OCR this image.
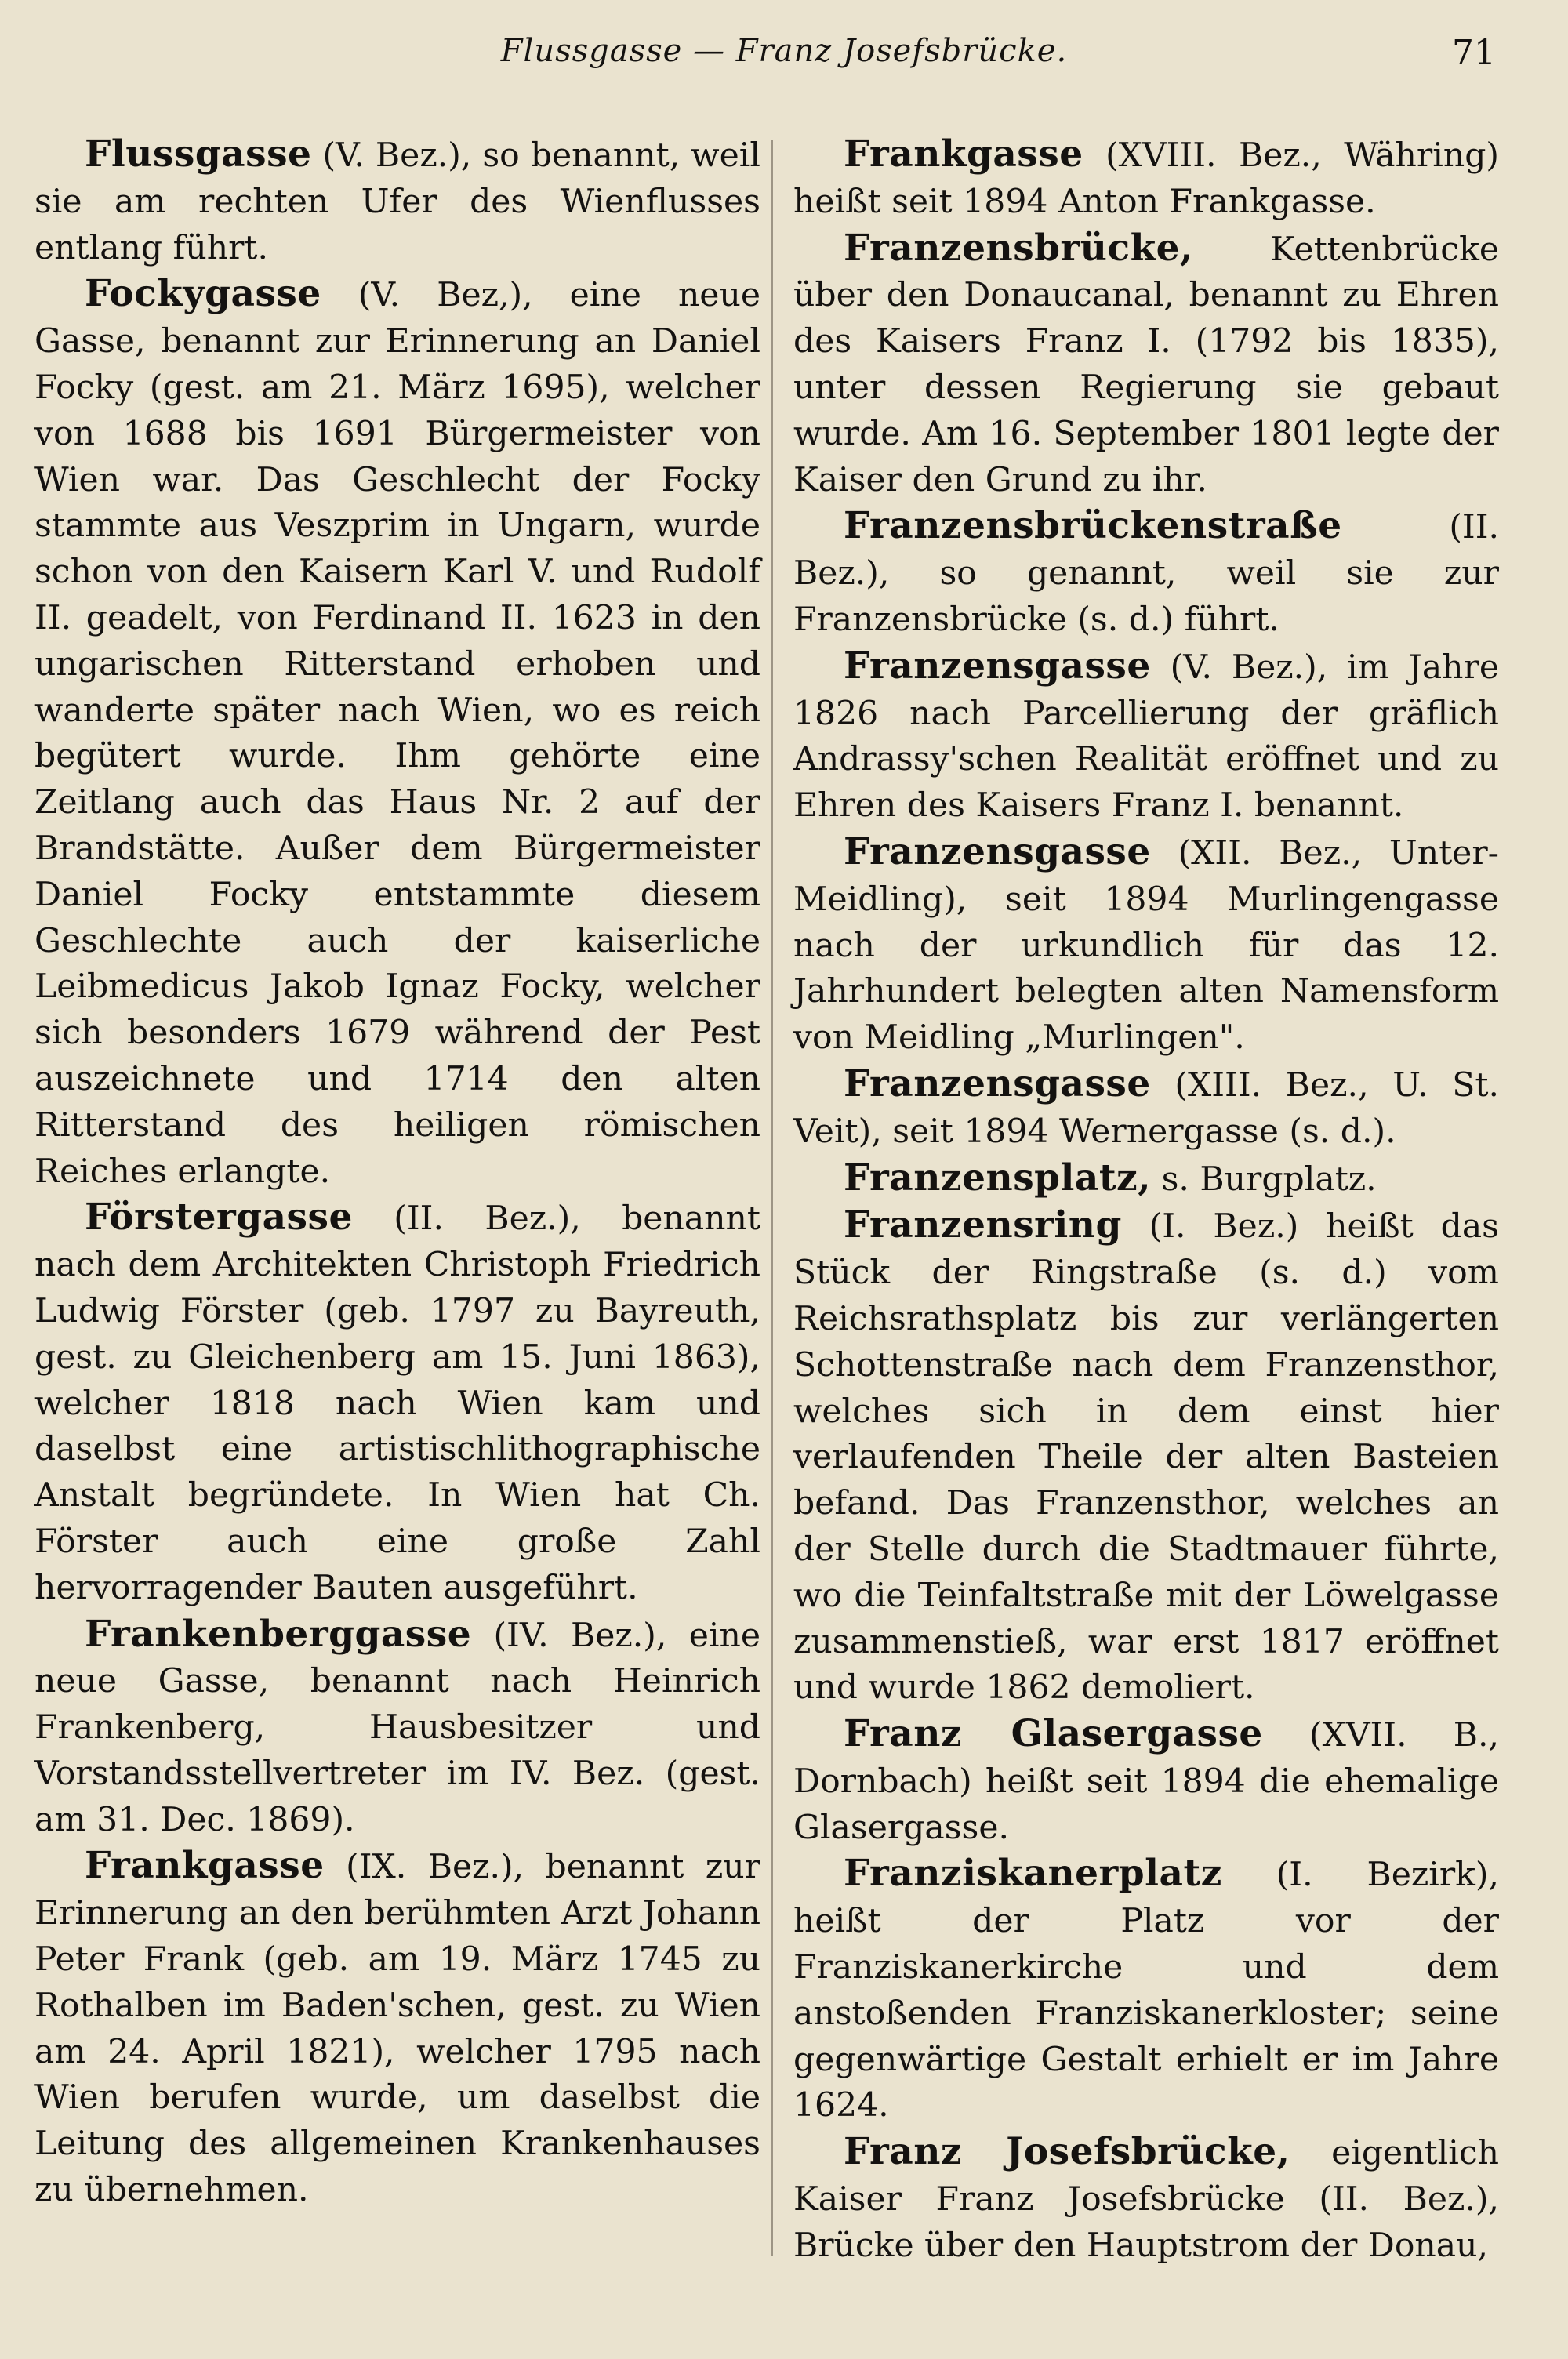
Flussgasse — Franz Josefsbrücke.	71

Flussgasse (V. Bez.), so benannt, weil sie am rechten Ufer des Wienflusses entlang führt.

Fockygasse (V. Bez,), eine neue Gasse, benannt zur Erinnerung an Daniel Focky (gest. am 21. März 1695), welcher von 1688 bis 1691 Bürgermeister von Wien war. Das Geschlecht der Focky stammte aus Veszprim in Ungarn, wurde schon von den Kaisern Karl V. und Rudolf II. geadelt, von Ferdinand II. 1623 in den ungarischen Ritterstand erhoben und wanderte später nach Wien, wo es reich begütert wurde. Ihm gehörte eine Zeitlang auch das Haus Nr. 2 auf der Brandstätte. Außer dem Bürgermeister Daniel Focky entstammte diesem Geschlechte auch der kaiserliche Leibmedicus Jakob Ignaz Focky, welcher sich besonders 1679 während der Pest auszeichnete und 1714 den alten Ritterstand des heiligen römischen Reiches erlangte.

Förstergasse (II. Bez.), benannt nach dem Architekten Christoph Friedrich Ludwig Förster (geb. 1797 zu Bayreuth, gest. zu Gleichenberg am 15. Juni 1863), welcher 1818 nach Wien kam und daselbst eine artistischlithographische Anstalt begründete. In Wien hat Ch. Förster auch eine große Zahl hervorragender Bauten ausgeführt.

Frankenberggasse (IV. Bez.), eine neue Gasse, benannt nach Heinrich Frankenberg, Hausbesitzer und Vorstandsstellvertreter im IV. Bez. (gest. am 31. Dec. 1869).

Frankgasse (IX. Bez.), benannt zur Erinnerung an den berühmten Arzt Johann Peter Frank (geb. am 19. März 1745 zu Rothalben im Baden'schen, gest. zu Wien am 24. April 1821), welcher 1795 nach Wien berufen wurde, um daselbst die Leitung des allgemeinen Krankenhauses zu übernehmen.

Frankgasse (XVIII. Bez., Währing) heißt seit 1894 Anton Frankgasse.

Franzensbrücke, Kettenbrücke über den Donaucanal, benannt zu Ehren des Kaisers Franz I. (1792 bis 1835), unter dessen Regierung sie gebaut wurde. Am 16. September 1801 legte der Kaiser den Grund zu ihr.

Franzensbrückenstraße (II. Bez.), so genannt, weil sie zur Franzensbrücke (s. d.) führt.

Franzensgasse (V. Bez.), im Jahre 1826 nach Parcellierung der gräflich Andrassy'schen Realität eröffnet und zu Ehren des Kaisers Franz I. benannt.

Franzensgasse (XII. Bez., Unter-Meidling), seit 1894 Murlingengasse nach der urkundlich für das 12. Jahrhundert belegten alten Namensform von Meidling „Murlingen".

Franzensgasse (XIII. Bez., U. St. Veit), seit 1894 Wernergasse (s. d.).

Franzensplatz, s. Burgplatz.

Franzensring (I. Bez.) heißt das Stück der Ringstraße (s. d.) vom Reichsrathsplatz bis zur verlängerten Schottenstraße nach dem Franzensthor, welches sich in dem einst hier verlaufenden Theile der alten Basteien befand. Das Franzensthor, welches an der Stelle durch die Stadtmauer führte, wo die Teinfaltstraße mit der Löwelgasse zusammenstieß, war erst 1817 eröffnet und wurde 1862 demoliert.

Franz Glasergasse (XVII. B., Dornbach) heißt seit 1894 die ehemalige Glasergasse.

Franziskanerplatz (I. Bezirk), heißt der Platz vor der Franziskanerkirche und dem anstoßenden Franziskanerkloster; seine gegenwärtige Gestalt erhielt er im Jahre 1624.

Franz Josefsbrücke, eigentlich Kaiser Franz Josefsbrücke (II. Bez.), Brücke über den Hauptstrom der Donau,
